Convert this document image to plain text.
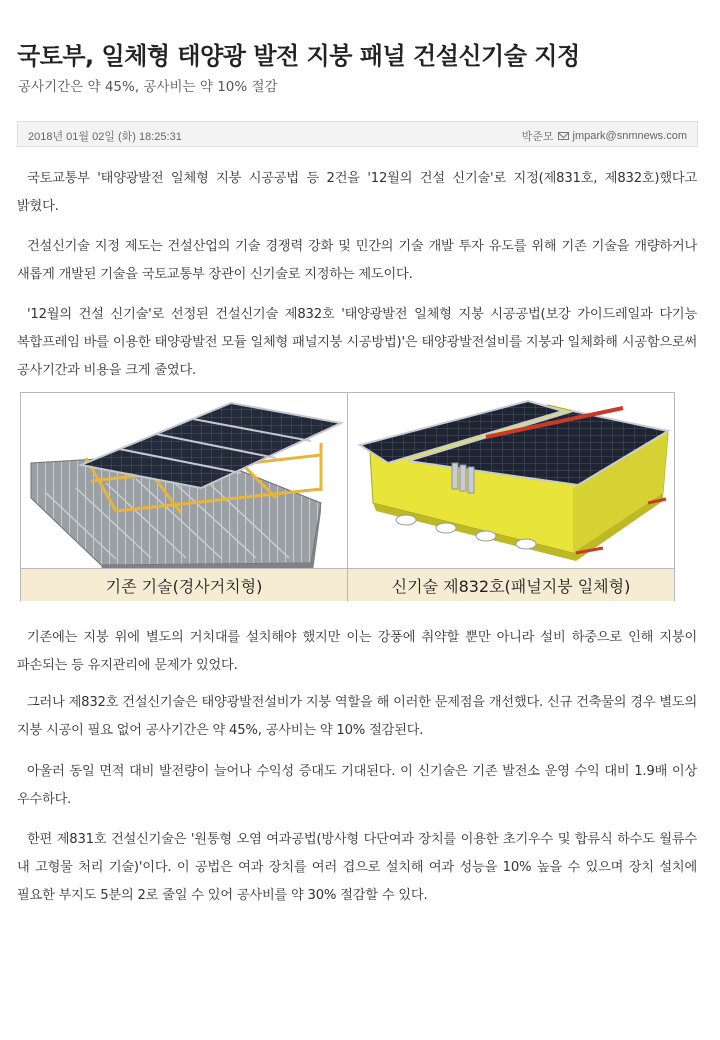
국토부, 일체형 태양광 발전 지붕 패널 건설신기술 지정

공사기간은 약 45%, 공사비는 약 10% 절감

2018년 01월 02일 (화) 18:25:31	박준모 jmpark@snmnews.com

국토교통부 '태양광발전 일체형 지붕 시공공법 등 2건을 '12월의 건설 신기술'로 지정(제831호, 제832호)했다고 밝혔다.

건설신기술 지정 제도는 건설산업의 기술 경쟁력 강화 및 민간의 기술 개발 투자 유도를 위해 기존 기술을 개량하거나 새롭게 개발된 기술을 국토교통부 장관이 신기술로 지정하는 제도이다.

'12월의 건설 신기술'로 선정된 건설신기술 제832호 '태양광발전 일체형 지붕 시공공법(보강 가이드레일과 다기능 복합프레임 바를 이용한 태양광발전 모듈 일체형 패널지붕 시공방법)'은 태양광발전설비를 지붕과 일체화해 시공함으로써 공사기간과 비용을 크게 줄였다.

기존 기술(경사거치형)	신기술 제832호(패널지붕 일체형)

기존에는 지붕 위에 별도의 거치대를 설치해야 했지만 이는 강풍에 취약할 뿐만 아니라 설비 하중으로 인해 지붕이 파손되는 등 유지관리에 문제가 있었다.

그러나 제832호 건설신기술은 태양광발전설비가 지붕 역할을 해 이러한 문제점을 개선했다. 신규 건축물의 경우 별도의 지붕 시공이 필요 없어 공사기간은 약 45%, 공사비는 약 10% 절감된다.

아울러 동일 면적 대비 발전량이 늘어나 수익성 증대도 기대된다. 이 신기술은 기존 발전소 운영 수익 대비 1.9배 이상 우수하다.

한편 제831호 건설신기술은 '원통형 오염 여과공법(방사형 다단여과 장치를 이용한 초기우수 및 합류식 하수도 월류수 내 고형물 처리 기술)'이다. 이 공법은 여과 장치를 여러 겹으로 설치해 여과 성능을 10% 높을 수 있으며 장치 설치에 필요한 부지도 5분의 2로 줄일 수 있어 공사비를 약 30% 절감할 수 있다.
